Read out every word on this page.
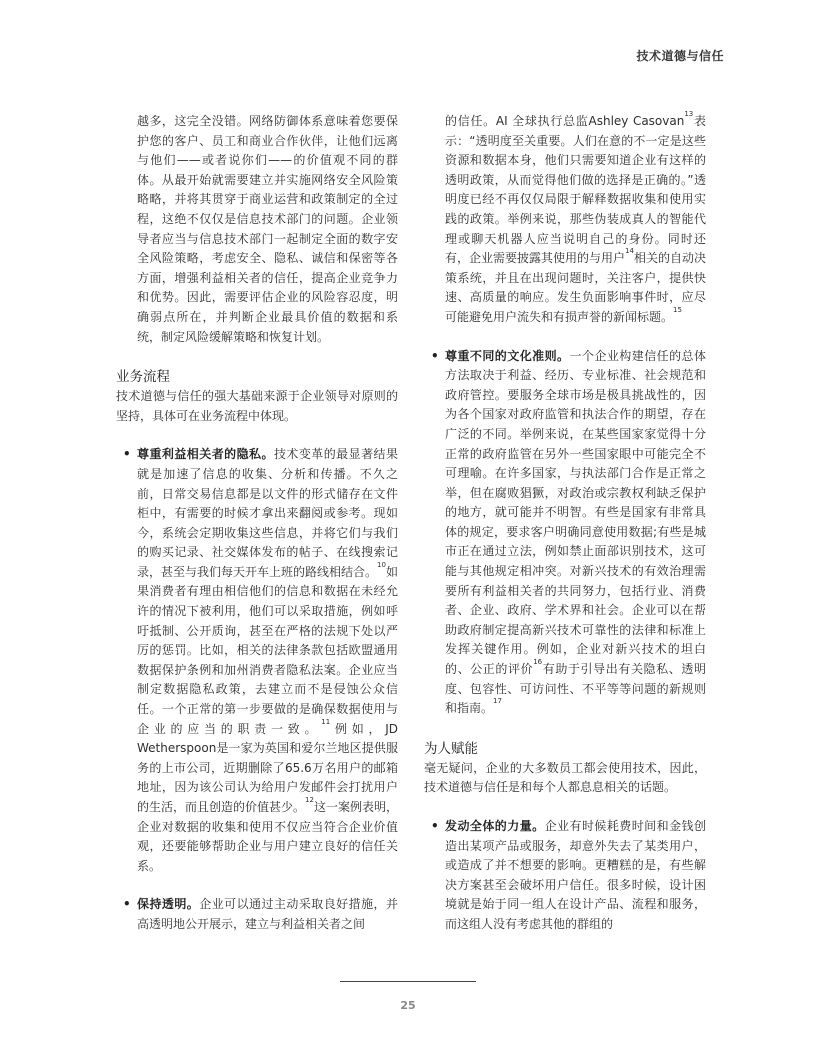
技术道德与信任

越多，这完全没错。网络防御体系意味着您要保护您的客户、员工和商业合作伙伴，让他们远离与他们——或者说你们——的价值观不同的群体。从最开始就需要建立并实施网络安全风险策略略，并将其贯穿于商业运营和政策制定的全过程，这绝不仅仅是信息技术部门的问题。企业领导者应当与信息技术部门一起制定全面的数字安全风险策略，考虑安全、隐私、诚信和保密等各方面，增强利益相关者的信任，提高企业竞争力和优势。因此，需要评估企业的风险容忍度，明确弱点所在，并判断企业最具价值的数据和系统，制定风险缓解策略和恢复计划。

业务流程

技术道德与信任的强大基础来源于企业领导对原则的坚持，具体可在业务流程中体现。

• 尊重利益相关者的隐私。技术变革的最显著结果就是加速了信息的收集、分析和传播。不久之前，日常交易信息都是以文件的形式储存在文件柜中，有需要的时候才拿出来翻阅或参考。现如今，系统会定期收集这些信息，并将它们与我们的购买记录、社交媒体发布的帖子、在线搜索记录，甚至与我们每天开车上班的路线相结合。$^{10}$如果消费者有理由相信他们的信息和数据在未经允许的情况下被利用，他们可以采取措施，例如呼吁抵制、公开质询，甚至在严格的法规下处以严厉的惩罚。比如，相关的法律条款包括欧盟通用数据保护条例和加州消费者隐私法案。企业应当制定数据隐私政策，去建立而不是侵蚀公众信任。一个正常的第一步要做的是确保数据使用与企业的应当的职责一致。$^{11}$例如，JD Wetherspoon是一家为英国和爱尔兰地区提供服务的上市公司，近期删除了65.6万名用户的邮箱地址，因为该公司认为给用户发邮件会打扰用户的生活，而且创造的价值甚少。$^{12}$这一案例表明，企业对数据的收集和使用不仅应当符合企业价值观，还要能够帮助企业与用户建立良好的信任关系。

• 保持透明。企业可以通过主动采取良好措施，并高透明地公开展示，建立与利益相关者之间

的信任。AI 全球执行总监Ashley Casovan$^{13}$表示：“透明度至关重要。人们在意的不一定是这些资源和数据本身，他们只需要知道企业有这样的透明政策，从而觉得他们做的选择是正确的。”透明度已经不再仅仅局限于解释数据收集和使用实践的政策。举例来说，那些伪装成真人的智能代理或聊天机器人应当说明自己的身份。同时还有，企业需要披露其使用的与用户$^{14}$相关的自动决策系统，并且在出现问题时，关注客户，提供快速、高质量的响应。发生负面影响事件时，应尽可能避免用户流失和有损声誉的新闻标题。$^{15}$

• 尊重不同的文化准则。一个企业构建信任的总体方法取决于利益、经历、专业标准、社会规范和政府管控。要服务全球市场是极具挑战性的，因为各个国家对政府监管和执法合作的期望，存在广泛的不同。举例来说，在某些国家家觉得十分正常的政府监管在另外一些国家眼中可能完全不可理喻。在许多国家，与执法部门合作是正常之举，但在腐败猖獗，对政治或宗教权利缺乏保护的地方，就可能并不明智。有些是国家有非常具体的规定，要求客户明确同意使用数据;有些是城市正在通过立法，例如禁止面部识别技术，这可能与其他规定相冲突。对新兴技术的有效治理需要所有利益相关者的共同努力，包括行业、消费者、企业、政府、学术界和社会。企业可以在帮助政府制定提高新兴技术可靠性的法律和标准上发挥关键作用。例如，企业对新兴技术的坦白的、公正的评价$^{16}$有助于引导出有关隐私、透明度、包容性、可访问性、不平等等问题的新规则和指南。$^{17}$

为人赋能

毫无疑问，企业的大多数员工都会使用技术，因此，技术道德与信任是和每个人都息息相关的话题。

• 发动全体的力量。企业有时候耗费时间和金钱创造出某项产品或服务，却意外失去了某类用户，或造成了并不想要的影响。更糟糕的是，有些解决方案甚至会破坏用户信任。很多时候，设计困境就是始于同一组人在设计产品、流程和服务，而这组人没有考虑其他的群组的

25
